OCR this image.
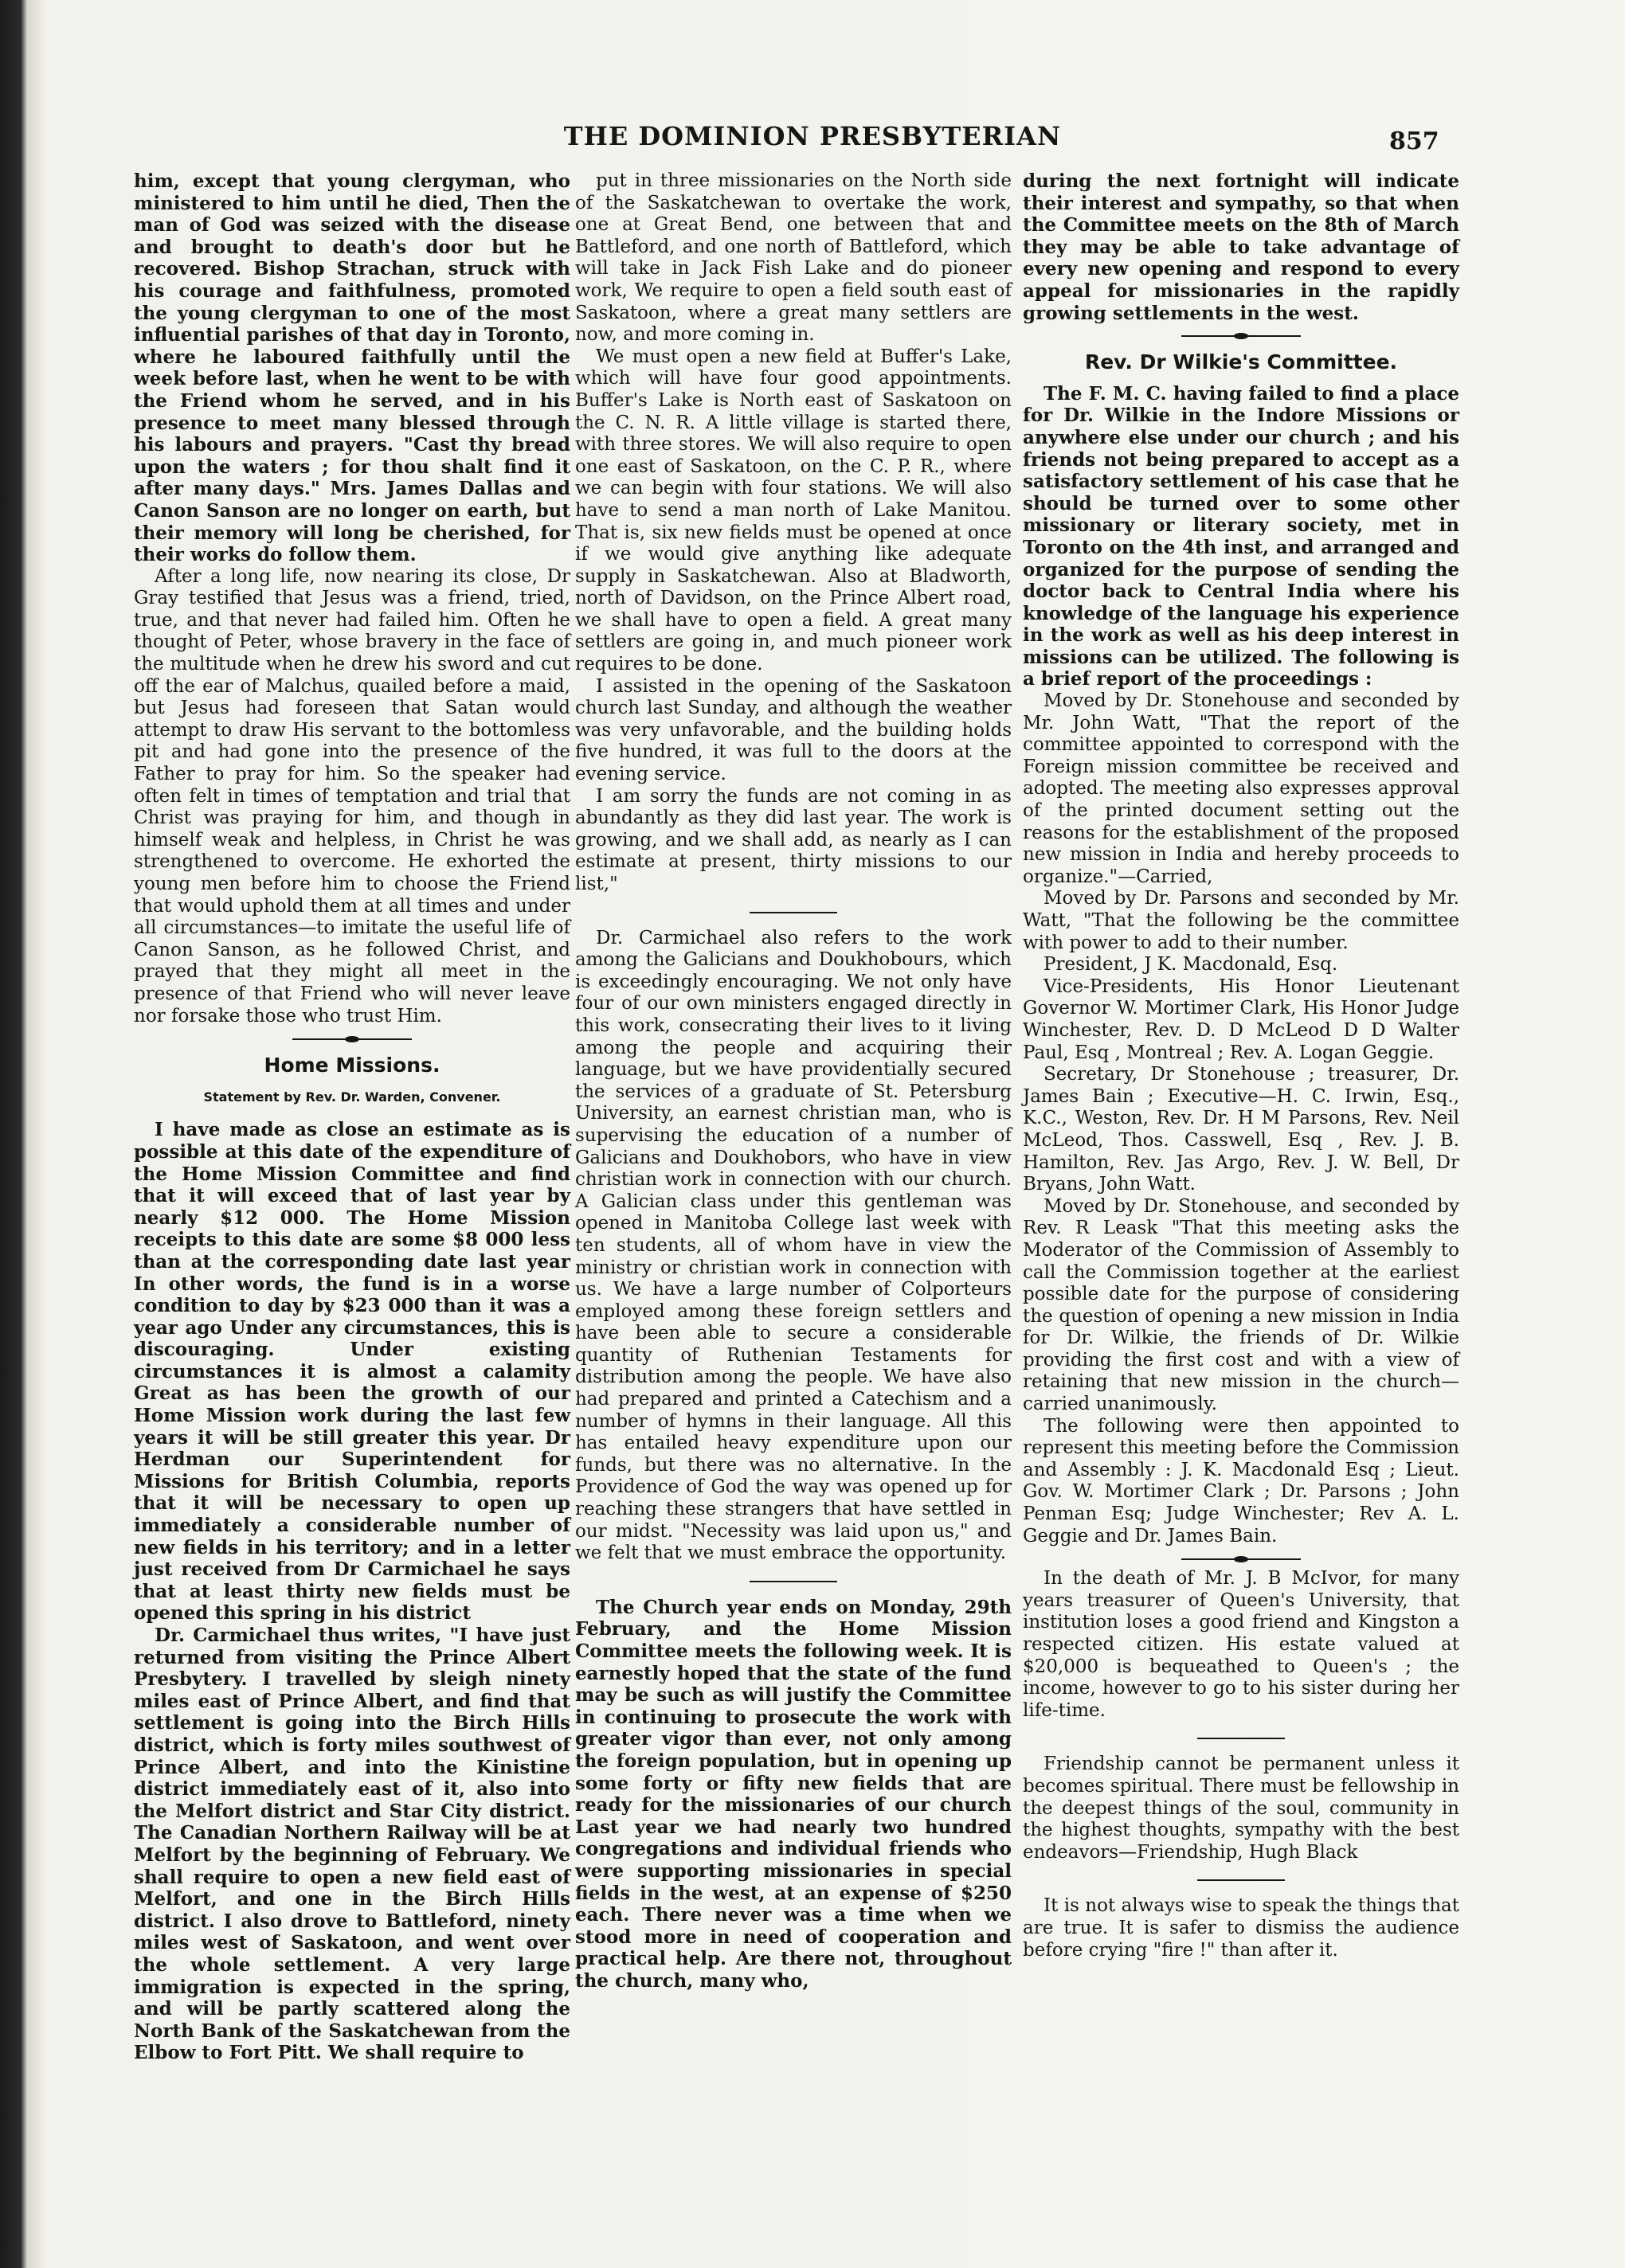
THE DOMINION PRESBYTERIAN	857

him, except that young clergyman, who ministered to him until he died, Then the man of God was seized with the disease and brought to death's door but he recovered. Bishop Strachan, struck with his courage and faithfulness, promoted the young clergyman to one of the most influential parishes of that day in Toronto, where he laboured faithfully until the week before last, when he went to be with the Friend whom he served, and in his presence to meet many blessed through his labours and prayers. "Cast thy bread upon the waters ; for thou shalt find it after many days." Mrs. James Dallas and Canon Sanson are no longer on earth, but their memory will long be cherished, for their works do follow them.

After a long life, now nearing its close, Dr Gray testified that Jesus was a friend, tried, true, and that never had failed him. Often he thought of Peter, whose bravery in the face of the multitude when he drew his sword and cut off the ear of Malchus, quailed before a maid, but Jesus had foreseen that Satan would attempt to draw His servant to the bottomless pit and had gone into the presence of the Father to pray for him. So the speaker had often felt in times of temptation and trial that Christ was praying for him, and though in himself weak and helpless, in Christ he was strengthened to overcome. He exhorted the young men before him to choose the Friend that would uphold them at all times and under all circumstances—to imitate the useful life of Canon Sanson, as he followed Christ, and prayed that they might all meet in the presence of that Friend who will never leave nor forsake those who trust Him.

Home Missions.
Statement by Rev. Dr. Warden, Convener.

I have made as close an estimate as is possible at this date of the expenditure of the Home Mission Committee and find that it will exceed that of last year by nearly $12 000. The Home Mission receipts to this date are some $8 000 less than at the corresponding date last year In other words, the fund is in a worse condition to day by $23 000 than it was a year ago Under any circumstances, this is discouraging. Under existing circumstances it is almost a calamity Great as has been the growth of our Home Mission work during the last few years it will be still greater this year. Dr Herdman our Superintendent for Missions for British Columbia, reports that it will be necessary to open up immediately a considerable number of new fields in his territory; and in a letter just received from Dr Carmichael he says that at least thirty new fields must be opened this spring in his district

Dr. Carmichael thus writes, "I have just returned from visiting the Prince Albert Presbytery. I travelled by sleigh ninety miles east of Prince Albert, and find that settlement is going into the Birch Hills district, which is forty miles southwest of Prince Albert, and into the Kinistine district immediately east of it, also into the Melfort district and Star City district. The Canadian Northern Railway will be at Melfort by the beginning of February. We shall require to open a new field east of Melfort, and one in the Birch Hills district. I also drove to Battleford, ninety miles west of Saskatoon, and went over the whole settlement. A very large immigration is expected in the spring, and will be partly scattered along the North Bank of the Saskatchewan from the Elbow to Fort Pitt. We shall require to

put in three missionaries on the North side of the Saskatchewan to overtake the work, one at Great Bend, one between that and Battleford, and one north of Battleford, which will take in Jack Fish Lake and do pioneer work, We require to open a field south east of Saskatoon, where a great many settlers are now, and more coming in.

We must open a new field at Buffer's Lake, which will have four good appointments. Buffer's Lake is North east of Saskatoon on the C. N. R. A little village is started there, with three stores. We will also require to open one east of Saskatoon, on the C. P. R., where we can begin with four stations. We will also have to send a man north of Lake Manitou. That is, six new fields must be opened at once if we would give anything like adequate supply in Saskatchewan. Also at Bladworth, north of Davidson, on the Prince Albert road, we shall have to open a field. A great many settlers are going in, and much pioneer work requires to be done.

I assisted in the opening of the Saskatoon church last Sunday, and although the weather was very unfavorable, and the building holds five hundred, it was full to the doors at the evening service.

I am sorry the funds are not coming in as abundantly as they did last year. The work is growing, and we shall add, as nearly as I can estimate at present, thirty missions to our list,"

Dr. Carmichael also refers to the work among the Galicians and Doukhobours, which is exceedingly encouraging. We not only have four of our own ministers engaged directly in this work, consecrating their lives to it living among the people and acquiring their language, but we have providentially secured the services of a graduate of St. Petersburg University, an earnest christian man, who is supervising the education of a number of Galicians and Doukhobors, who have in view christian work in connection with our church. A Galician class under this gentleman was opened in Manitoba College last week with ten students, all of whom have in view the ministry or christian work in connection with us. We have a large number of Colporteurs employed among these foreign settlers and have been able to secure a considerable quantity of Ruthenian Testaments for distribution among the people. We have also had prepared and printed a Catechism and a number of hymns in their language. All this has entailed heavy expenditure upon our funds, but there was no alternative. In the Providence of God the way was opened up for reaching these strangers that have settled in our midst. "Necessity was laid upon us," and we felt that we must embrace the opportunity.

The Church year ends on Monday, 29th February, and the Home Mission Committee meets the following week. It is earnestly hoped that the state of the fund may be such as will justify the Committee in continuing to prosecute the work with greater vigor than ever, not only among the foreign population, but in opening up some forty or fifty new fields that are ready for the missionaries of our church Last year we had nearly two hundred congregations and individual friends who were supporting missionaries in special fields in the west, at an expense of $250 each. There never was a time when we stood more in need of cooperation and practical help. Are there not, throughout the church, many who,

during the next fortnight will indicate their interest and sympathy, so that when the Committee meets on the 8th of March they may be able to take advantage of every new opening and respond to every appeal for missionaries in the rapidly growing settlements in the west.

Rev. Dr Wilkie's Committee.

The F. M. C. having failed to find a place for Dr. Wilkie in the Indore Missions or anywhere else under our church ; and his friends not being prepared to accept as a satisfactory settlement of his case that he should be turned over to some other missionary or literary society, met in Toronto on the 4th inst, and arranged and organized for the purpose of sending the doctor back to Central India where his knowledge of the language his experience in the work as well as his deep interest in missions can be utilized. The following is a brief report of the proceedings :

Moved by Dr. Stonehouse and seconded by Mr. John Watt, "That the report of the committee appointed to correspond with the Foreign mission committee be received and adopted. The meeting also expresses approval of the printed document setting out the reasons for the establishment of the proposed new mission in India and hereby proceeds to organize."—Carried,

Moved by Dr. Parsons and seconded by Mr. Watt, "That the following be the committee with power to add to their number.

President, J K. Macdonald, Esq.

Vice-Presidents, His Honor Lieutenant Governor W. Mortimer Clark, His Honor Judge Winchester, Rev. D. D McLeod D D Walter Paul, Esq , Montreal ; Rev. A. Logan Geggie.

Secretary, Dr Stonehouse ; treasurer, Dr. James Bain ; Executive—H. C. Irwin, Esq., K.C., Weston, Rev. Dr. H M Parsons, Rev. Neil McLeod, Thos. Casswell, Esq , Rev. J. B. Hamilton, Rev. Jas Argo, Rev. J. W. Bell, Dr Bryans, John Watt.

Moved by Dr. Stonehouse, and seconded by Rev. R Leask "That this meeting asks the Moderator of the Commission of Assembly to call the Commission together at the earliest possible date for the purpose of considering the question of opening a new mission in India for Dr. Wilkie, the friends of Dr. Wilkie providing the first cost and with a view of retaining that new mission in the church—carried unanimously.

The following were then appointed to represent this meeting before the Commission and Assembly : J. K. Macdonald Esq ; Lieut. Gov. W. Mortimer Clark ; Dr. Parsons ; John Penman Esq; Judge Winchester; Rev A. L. Geggie and Dr. James Bain.

In the death of Mr. J. B McIvor, for many years treasurer of Queen's University, that institution loses a good friend and Kingston a respected citizen. His estate valued at $20,000 is bequeathed to Queen's ; the income, however to go to his sister during her life-time.

Friendship cannot be permanent unless it becomes spiritual. There must be fellowship in the deepest things of the soul, community in the highest thoughts, sympathy with the best endeavors—Friendship, Hugh Black

It is not always wise to speak the things that are true. It is safer to dismiss the audience before crying "fire !" than after it.
